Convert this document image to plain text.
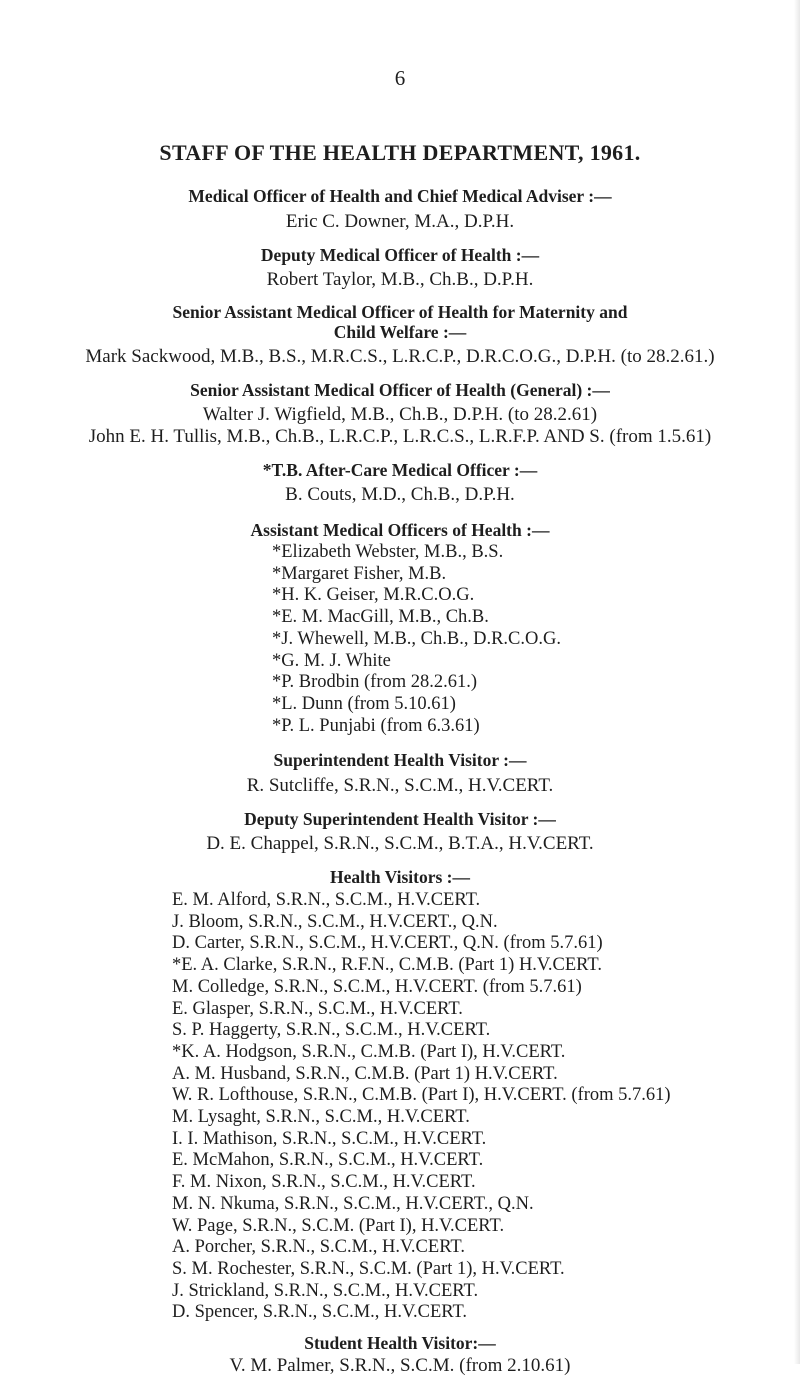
6
STAFF OF THE HEALTH DEPARTMENT, 1961.
Medical Officer of Health and Chief Medical Adviser :—
Eric C. Downer, M.A., D.P.H.
Deputy Medical Officer of Health :—
Robert Taylor, M.B., Ch.B., D.P.H.
Senior Assistant Medical Officer of Health for Maternity and
Child Welfare :—
Mark Sackwood, M.B., B.S., M.R.C.S., L.R.C.P., D.R.C.O.G., D.P.H. (to 28.2.61.)
Senior Assistant Medical Officer of Health (General) :—
Walter J. Wigfield, M.B., Ch.B., D.P.H. (to 28.2.61)
John E. H. Tullis, M.B., Ch.B., L.R.C.P., L.R.C.S., L.R.F.P. AND S. (from 1.5.61)
*T.B. After-Care Medical Officer :—
B. Couts, M.D., Ch.B., D.P.H.
Assistant Medical Officers of Health :—
*Elizabeth Webster, M.B., B.S.
*Margaret Fisher, M.B.
*H. K. Geiser, M.R.C.O.G.
*E. M. MacGill, M.B., Ch.B.
*J. Whewell, M.B., Ch.B., D.R.C.O.G.
*G. M. J. White
*P. Brodbin (from 28.2.61.)
*L. Dunn (from 5.10.61)
*P. L. Punjabi (from 6.3.61)
Superintendent Health Visitor :—
R. Sutcliffe, S.R.N., S.C.M., H.V.CERT.
Deputy Superintendent Health Visitor :—
D. E. Chappel, S.R.N., S.C.M., B.T.A., H.V.CERT.
Health Visitors :—
E. M. Alford, S.R.N., S.C.M., H.V.CERT.
J. Bloom, S.R.N., S.C.M., H.V.CERT., Q.N.
D. Carter, S.R.N., S.C.M., H.V.CERT., Q.N. (from 5.7.61)
*E. A. Clarke, S.R.N., R.F.N., C.M.B. (Part 1) H.V.CERT.
M. Colledge, S.R.N., S.C.M., H.V.CERT. (from 5.7.61)
E. Glasper, S.R.N., S.C.M., H.V.CERT.
S. P. Haggerty, S.R.N., S.C.M., H.V.CERT.
*K. A. Hodgson, S.R.N., C.M.B. (Part I), H.V.CERT.
A. M. Husband, S.R.N., C.M.B. (Part 1) H.V.CERT.
W. R. Lofthouse, S.R.N., C.M.B. (Part I), H.V.CERT. (from 5.7.61)
M. Lysaght, S.R.N., S.C.M., H.V.CERT.
I. I. Mathison, S.R.N., S.C.M., H.V.CERT.
E. McMahon, S.R.N., S.C.M., H.V.CERT.
F. M. Nixon, S.R.N., S.C.M., H.V.CERT.
M. N. Nkuma, S.R.N., S.C.M., H.V.CERT., Q.N.
W. Page, S.R.N., S.C.M. (Part I), H.V.CERT.
A. Porcher, S.R.N., S.C.M., H.V.CERT.
S. M. Rochester, S.R.N., S.C.M. (Part 1), H.V.CERT.
J. Strickland, S.R.N., S.C.M., H.V.CERT.
D. Spencer, S.R.N., S.C.M., H.V.CERT.
Student Health Visitor:—
V. M. Palmer, S.R.N., S.C.M. (from 2.10.61)
